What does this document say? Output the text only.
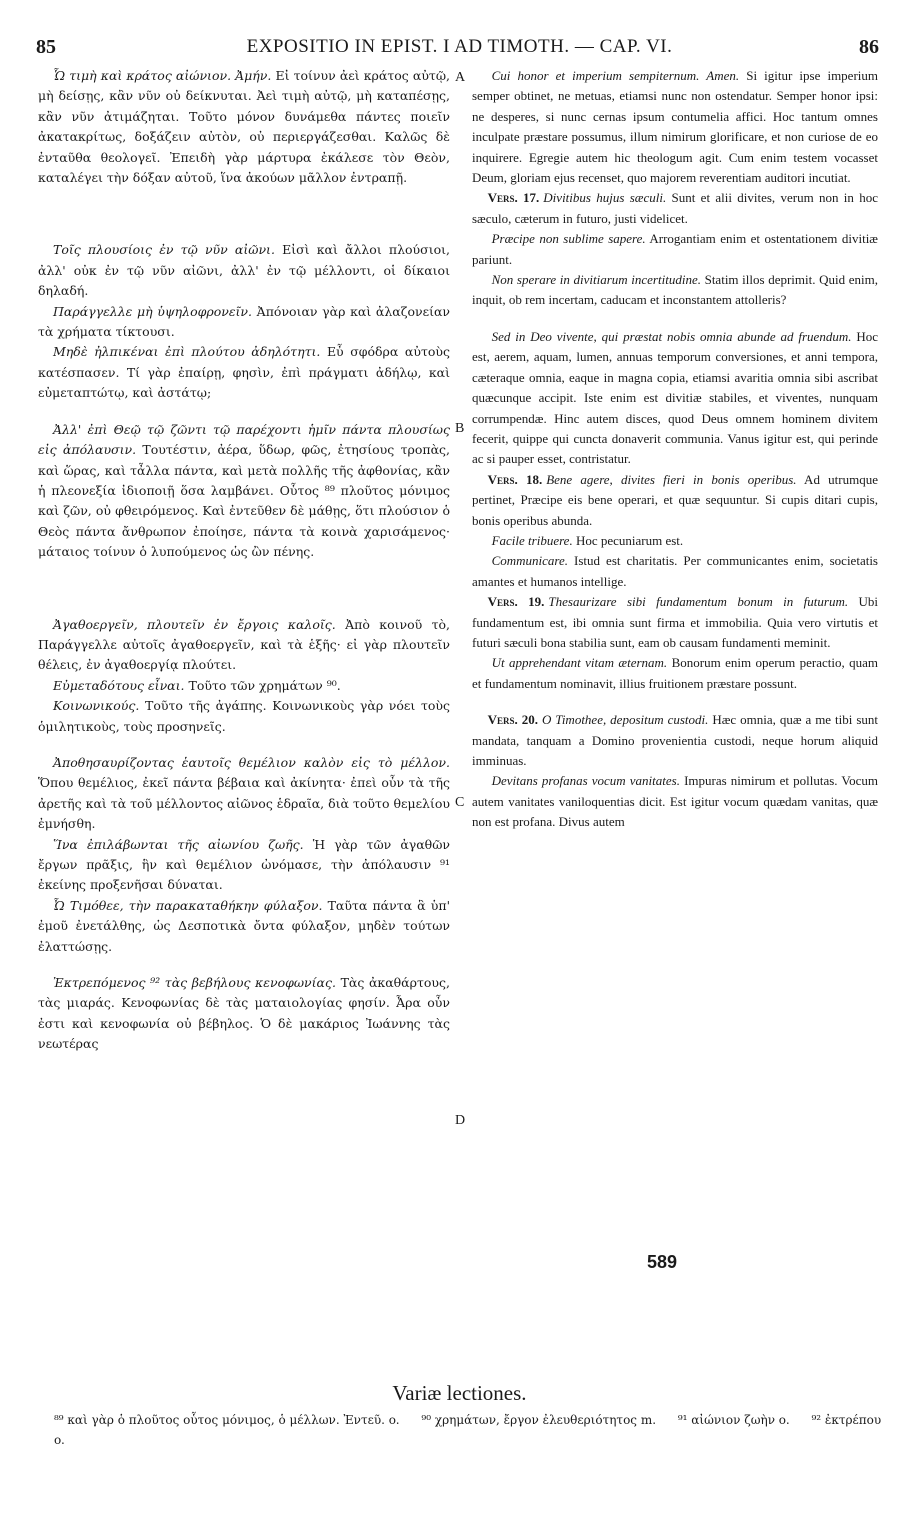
85	EXPOSITIO IN EPIST. I AD TIMOTH. — CAP. VI.	86
A
B
C
D
589

Ὧ τιμὴ καὶ κράτος αἰώνιον. Ἀμήν. Εἰ τοίνυν ἀεὶ κράτος αὐτῷ, μὴ δείσῃς, κἂν νῦν οὐ δείκνυται. Ἀεὶ τιμὴ αὐτῷ, μὴ καταπέσῃς, κἂν νῦν ἀτιμάζηται. Τοῦτο μόνον δυνάμεθα πάντες ποιεῖν ἀκατακρίτως, δοξάζειν αὐτὸν, οὐ περιεργάζεσθαι. Καλῶς δὲ ἐνταῦθα θεολογεῖ. Ἐπειδὴ γὰρ μάρτυρα ἐκάλεσε τὸν Θεὸν, καταλέγει τὴν δόξαν αὐτοῦ, ἵνα ἀκούων μᾶλλον ἐντραπῇ.

Τοῖς πλουσίοις ἐν τῷ νῦν αἰῶνι. Εἰσὶ καὶ ἄλλοι πλούσιοι, ἀλλ' οὐκ ἐν τῷ νῦν αἰῶνι, ἀλλ' ἐν τῷ μέλλοντι, οἱ δίκαιοι δηλαδή.

Παράγγελλε μὴ ὑψηλοφρονεῖν. Ἀπόνοιαν γὰρ καὶ ἀλαζονείαν τὰ χρήματα τίκτουσι.

Μηδὲ ἠλπικέναι ἐπὶ πλούτου ἀδηλότητι. Εὖ σφόδρα αὐτοὺς κατέσπασεν. Τί γὰρ ἐπαίρῃ, φησὶν, ἐπὶ πράγματι ἀδήλῳ, καὶ εὐμεταπτώτῳ, καὶ ἀστάτῳ;

Ἀλλ' ἐπὶ Θεῷ τῷ ζῶντι τῷ παρέχοντι ἡμῖν πάντα πλουσίως εἰς ἀπόλαυσιν. Τουτέστιν, ἀέρα, ὕδωρ, φῶς, ἐτησίους τροπὰς, καὶ ὥρας, καὶ τἆλλα πάντα, καὶ μετὰ πολλῆς τῆς ἀφθονίας, κἂν ἡ πλεονεξία ἰδιοποιῇ ὅσα λαμβάνει. Οὗτος ⁸⁹ πλοῦτος μόνιμος καὶ ζῶν, οὐ φθειρόμενος. Καὶ ἐντεῦθεν δὲ μάθῃς, ὅτι πλούσιον ὁ Θεὸς πάντα ἄνθρωπον ἐποίησε, πάντα τὰ κοινὰ χαρισάμενος· μάταιος τοίνυν ὁ λυπούμενος ὡς ὢν πένης.

Ἀγαθοεργεῖν, πλουτεῖν ἐν ἔργοις καλοῖς. Ἀπὸ κοινοῦ τὸ, Παράγγελλε αὐτοῖς ἀγαθοεργεῖν, καὶ τὰ ἑξῆς· εἰ γὰρ πλουτεῖν θέλεις, ἐν ἀγαθοεργίᾳ πλούτει.

Εὐμεταδότους εἶναι. Τοῦτο τῶν χρημάτων ⁹⁰.

Κοινωνικούς. Τοῦτο τῆς ἀγάπης. Κοινωνικοὺς γὰρ νόει τοὺς ὁμιλητικοὺς, τοὺς προσηνεῖς.

Ἀποθησαυρίζοντας ἑαυτοῖς θεμέλιον καλὸν εἰς τὸ μέλλον. Ὅπου θεμέλιος, ἐκεῖ πάντα βέβαια καὶ ἀκίνητα· ἐπεὶ οὖν τὰ τῆς ἀρετῆς καὶ τὰ τοῦ μέλλοντος αἰῶνος ἑδραῖα, διὰ τοῦτο θεμελίου ἐμνήσθη.

Ἵνα ἐπιλάβωνται τῆς αἰωνίου ζωῆς. Ἡ γὰρ τῶν ἀγαθῶν ἔργων πρᾶξις, ἣν καὶ θεμέλιον ὠνόμασε, τὴν ἀπόλαυσιν ⁹¹ ἐκείνης προξενῆσαι δύναται.

Ὦ Τιμόθεε, τὴν παρακαταθήκην φύλαξον. Ταῦτα πάντα ἃ ὑπ' ἐμοῦ ἐνετάλθης, ὡς Δεσποτικὰ ὄντα φύλαξον, μηδὲν τούτων ἐλαττώσῃς.

Ἐκτρεπόμενος ⁹² τὰς βεβήλους κενοφωνίας. Τὰς ἀκαθάρτους, τὰς μιαράς. Κενοφωνίας δὲ τὰς ματαιολογίας φησίν. Ἆρα οὖν ἐστι καὶ κενοφωνία οὐ βέβηλος. Ὁ δὲ μακάριος Ἰωάννης τὰς νεωτέρας

Cui honor et imperium sempiternum. Amen. Si igitur ipse imperium semper obtinet, ne metuas, etiamsi nunc non ostendatur. Semper honor ipsi: ne desperes, si nunc cernas ipsum contumelia affici. Hoc tantum omnes inculpate præstare possumus, illum nimirum glorificare, et non curiose de eo inquirere. Egregie autem hic theologum agit. Cum enim testem vocasset Deum, gloriam ejus recenset, quo majorem reverentiam auditori incutiat.

Vers. 17. Divitibus hujus sæculi. Sunt et alii divites, verum non in hoc sæculo, cæterum in futuro, justi videlicet.

Præcipe non sublime sapere. Arrogantiam enim et ostentationem divitiæ pariunt.

Non sperare in divitiarum incertitudine. Statim illos deprimit. Quid enim, inquit, ob rem incertam, caducam et inconstantem attolleris?

Sed in Deo vivente, qui præstat nobis omnia abunde ad fruendum. Hoc est, aerem, aquam, lumen, annuas temporum conversiones, et anni tempora, cæteraque omnia, eaque in magna copia, etiamsi avaritia omnia sibi ascribat quæcunque accipit. Iste enim est divitiæ stabiles, et viventes, nunquam corrumpendæ. Hinc autem disces, quod Deus omnem hominem divitem fecerit, quippe qui cuncta donaverit communia. Vanus igitur est, qui perinde ac si pauper esset, contristatur.

Vers. 18. Bene agere, divites fieri in bonis operibus. Ad utrumque pertinet, Præcipe eis bene operari, et quæ sequuntur. Si cupis ditari cupis, bonis operibus abunda.

Facile tribuere. Hoc pecuniarum est.

Communicare. Istud est charitatis. Per communicantes enim, societatis amantes et humanos intellige.

Vers. 19. Thesaurizare sibi fundamentum bonum in futurum. Ubi fundamentum est, ibi omnia sunt firma et immobilia. Quia vero virtutis et futuri sæculi bona stabilia sunt, eam ob causam fundamenti meminit.

Ut apprehendant vitam æternam. Bonorum enim operum peractio, quam et fundamentum nominavit, illius fruitionem præstare possunt.

Vers. 20. O Timothee, depositum custodi. Hæc omnia, quæ a me tibi sunt mandata, tanquam a Domino provenientia custodi, neque horum aliquid imminuas.

Devitans profanas vocum vanitates. Impuras nimirum et pollutas. Vocum autem vanitates vaniloquentias dicit. Est igitur vocum quædam vanitas, quæ non est profana. Divus autem

Variæ lectiones.
⁸⁹ καὶ γὰρ ὁ πλοῦτος οὗτος μόνιμος, ὁ μέλλων. Ἐντεῦ. o. ⁹⁰ χρημάτων, ἔργον ἐλευθεριότητος m. ⁹¹ αἰώνιον ζωὴν o. ⁹² ἐκτρέπου o.
